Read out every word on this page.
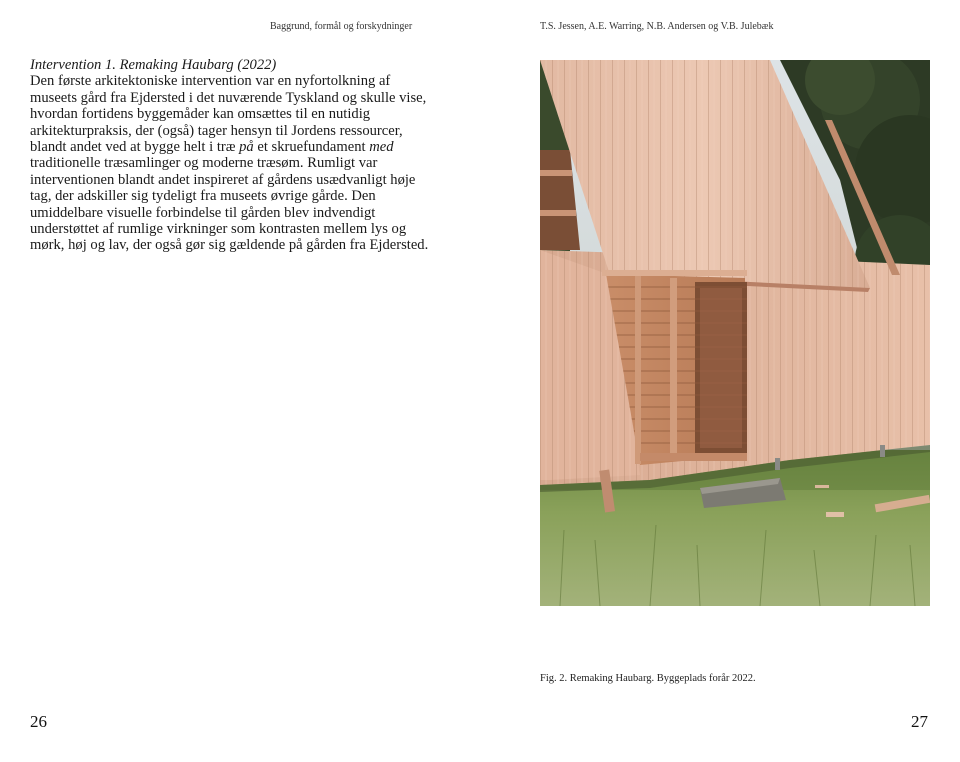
Baggrund, formål og forskydninger	T.S. Jessen, A.E. Warring, N.B. Andersen og V.B. Julebæk

Intervention 1. Remaking Haubarg (2022)

Den første arkitektoniske intervention var en nyfortolkning af museets gård fra Ejdersted i det nuværende Tyskland og skulle vise, hvordan fortidens byggemåder kan omsættes til en nutidig arkitekturpraksis, der (også) tager hensyn til Jordens ressourcer, blandt andet ved at bygge helt i træ på et skruefundament med traditionelle træsamlinger og moderne træsøm. Rumligt var interventionen blandt andet inspireret af gårdens usædvanligt høje tag, der adskiller sig tydeligt fra museets øvrige gårde. Den umiddelbare visuelle forbindelse til gården blev indvendigt understøttet af rumlige virkninger som kontrasten mellem lys og mørk, høj og lav, der også gør sig gældende på gården fra Ejdersted.

Fig. 2. Remaking Haubarg. Byggeplads forår 2022.
26	27
